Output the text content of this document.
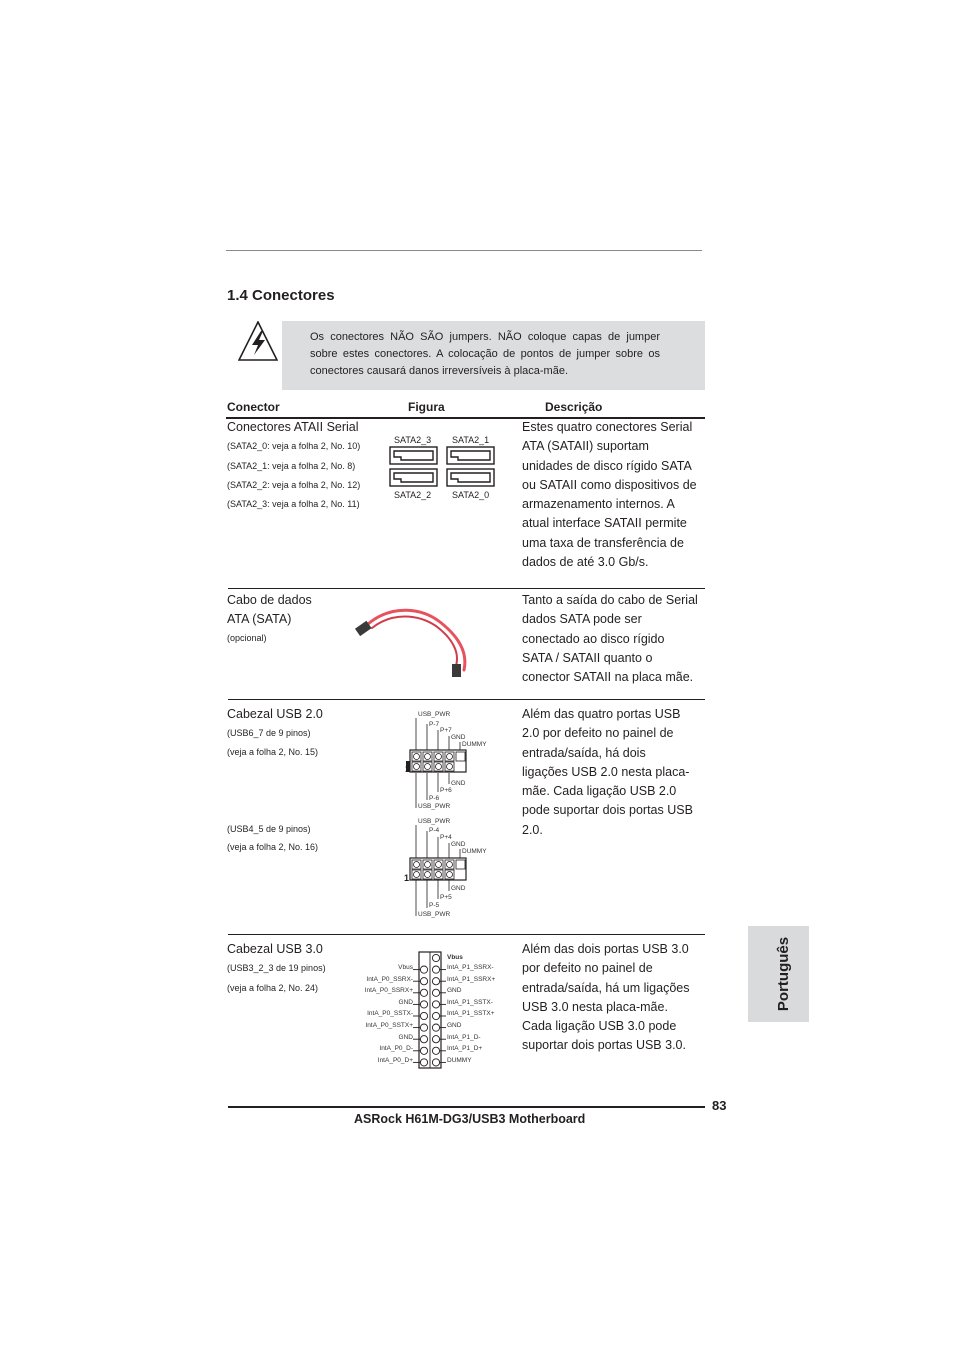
1.4 Conectores
Os conectores NÃO SÃO jumpers. NÃO coloque capas de jumper sobre estes conectores. A colocação de pontos de jumper sobre os conectores causará danos irreversíveis à placa-mãe.
Conector	Figura	Descrição
Conectores ATAII Serial
(SATA2_0: veja a folha 2, No. 10)
(SATA2_1: veja a folha 2, No. 8)
(SATA2_2: veja a folha 2, No. 12)
(SATA2_3: veja a folha 2, No. 11)
SATA2_3 SATA2_1
SATA2_2 SATA2_0
Estes quatro conectores Serial
ATA (SATAII) suportam
unidades de disco rígido SATA
ou SATAII como dispositivos de
armazenamento internos. A
atual interface SATAII permite
uma taxa de transferência de
dados de até 3.0 Gb/s.
Cabo de dados
ATA (SATA)
(opcional)
Tanto a saída do cabo de Serial
dados SATA pode ser
conectado ao disco rígido
SATA / SATAII quanto o
conector SATAII na placa mãe.
Cabezal USB 2.0
(USB6_7 de 9 pinos)
(veja a folha 2, No. 15)
(USB4_5 de 9 pinos)
(veja a folha 2, No. 16)
USB_PWR
P-7
P+7
GND
DUMMY
1
GND
P+6
P-6
USB_PWR
USB_PWR
P-4
P+4
GND
DUMMY
1
GND
P+5
P-5
USB_PWR
Além das quatro portas USB
2.0 por defeito no painel de
entrada/saída, há dois
ligações USB 2.0 nesta placa-
mãe. Cada ligação USB 2.0
pode suportar dois portas USB
2.0.
Cabezal USB 3.0
(USB3_2_3 de 19 pinos)
(veja a folha 2, No. 24)
Vbus
Vbus
IntA_P0_SSRX-
IntA_P0_SSRX+
GND
IntA_P0_SSTX-
IntA_P0_SSTX+
GND
IntA_P0_D-
IntA_P0_D+
IntA_P1_SSRX-
IntA_P1_SSRX+
GND
IntA_P1_SSTX-
IntA_P1_SSTX+
GND
IntA_P1_D-
IntA_P1_D+
DUMMY
Além das dois portas USB 3.0
por defeito no painel de
entrada/saída, há um ligações
USB 3.0 nesta placa-mãe.
Cada ligação USB 3.0 pode
suportar dois portas USB 3.0.
Português
83
ASRock H61M-DG3/USB3 Motherboard
